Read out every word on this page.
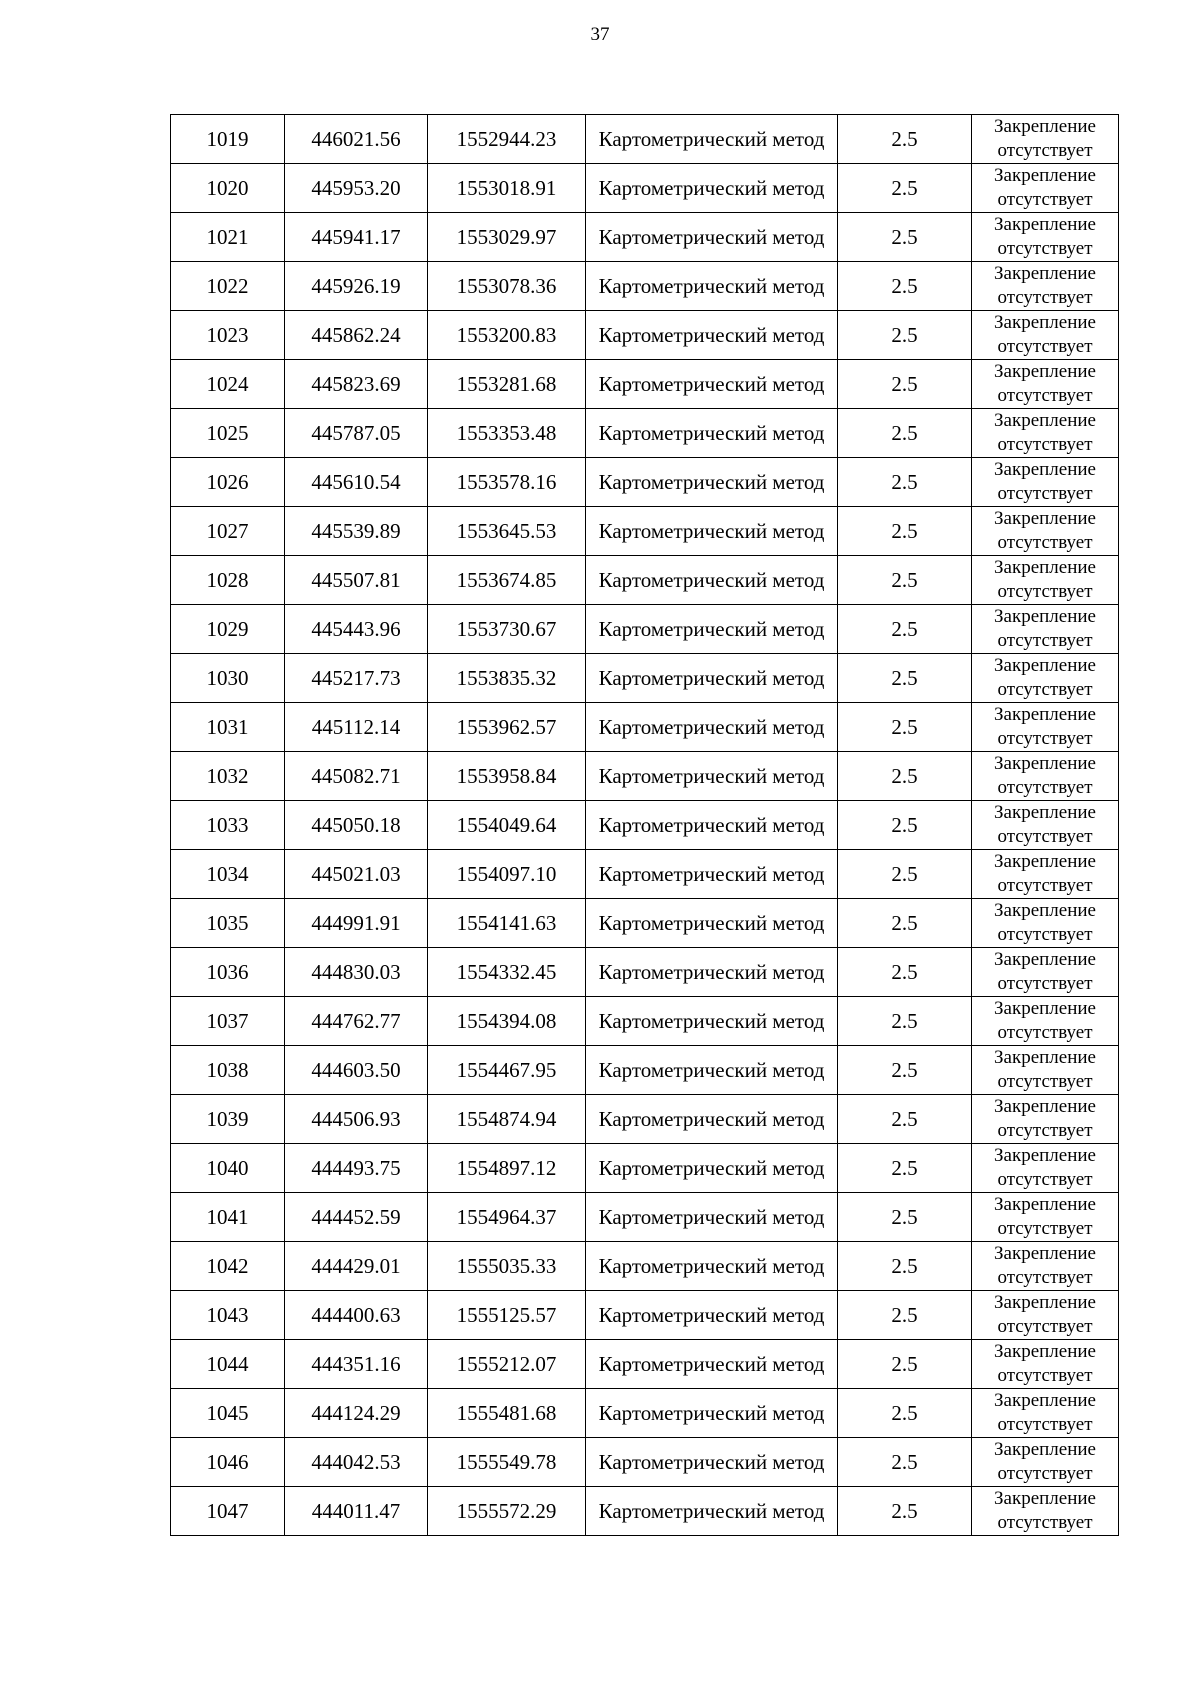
37
1019	446021.56	1552944.23	Картометрический метод	2.5	Закрепление
отсутствует

1020	445953.20	1553018.91	Картометрический метод	2.5	Закрепление
отсутствует

1021	445941.17	1553029.97	Картометрический метод	2.5	Закрепление
отсутствует

1022	445926.19	1553078.36	Картометрический метод	2.5	Закрепление
отсутствует

1023	445862.24	1553200.83	Картометрический метод	2.5	Закрепление
отсутствует

1024	445823.69	1553281.68	Картометрический метод	2.5	Закрепление
отсутствует

1025	445787.05	1553353.48	Картометрический метод	2.5	Закрепление
отсутствует

1026	445610.54	1553578.16	Картометрический метод	2.5	Закрепление
отсутствует

1027	445539.89	1553645.53	Картометрический метод	2.5	Закрепление
отсутствует

1028	445507.81	1553674.85	Картометрический метод	2.5	Закрепление
отсутствует

1029	445443.96	1553730.67	Картометрический метод	2.5	Закрепление
отсутствует

1030	445217.73	1553835.32	Картометрический метод	2.5	Закрепление
отсутствует

1031	445112.14	1553962.57	Картометрический метод	2.5	Закрепление
отсутствует

1032	445082.71	1553958.84	Картометрический метод	2.5	Закрепление
отсутствует

1033	445050.18	1554049.64	Картометрический метод	2.5	Закрепление
отсутствует

1034	445021.03	1554097.10	Картометрический метод	2.5	Закрепление
отсутствует

1035	444991.91	1554141.63	Картометрический метод	2.5	Закрепление
отсутствует

1036	444830.03	1554332.45	Картометрический метод	2.5	Закрепление
отсутствует

1037	444762.77	1554394.08	Картометрический метод	2.5	Закрепление
отсутствует

1038	444603.50	1554467.95	Картометрический метод	2.5	Закрепление
отсутствует

1039	444506.93	1554874.94	Картометрический метод	2.5	Закрепление
отсутствует

1040	444493.75	1554897.12	Картометрический метод	2.5	Закрепление
отсутствует

1041	444452.59	1554964.37	Картометрический метод	2.5	Закрепление
отсутствует

1042	444429.01	1555035.33	Картометрический метод	2.5	Закрепление
отсутствует

1043	444400.63	1555125.57	Картометрический метод	2.5	Закрепление
отсутствует

1044	444351.16	1555212.07	Картометрический метод	2.5	Закрепление
отсутствует

1045	444124.29	1555481.68	Картометрический метод	2.5	Закрепление
отсутствует

1046	444042.53	1555549.78	Картометрический метод	2.5	Закрепление
отсутствует

1047	444011.47	1555572.29	Картометрический метод	2.5	Закрепление
отсутствует
